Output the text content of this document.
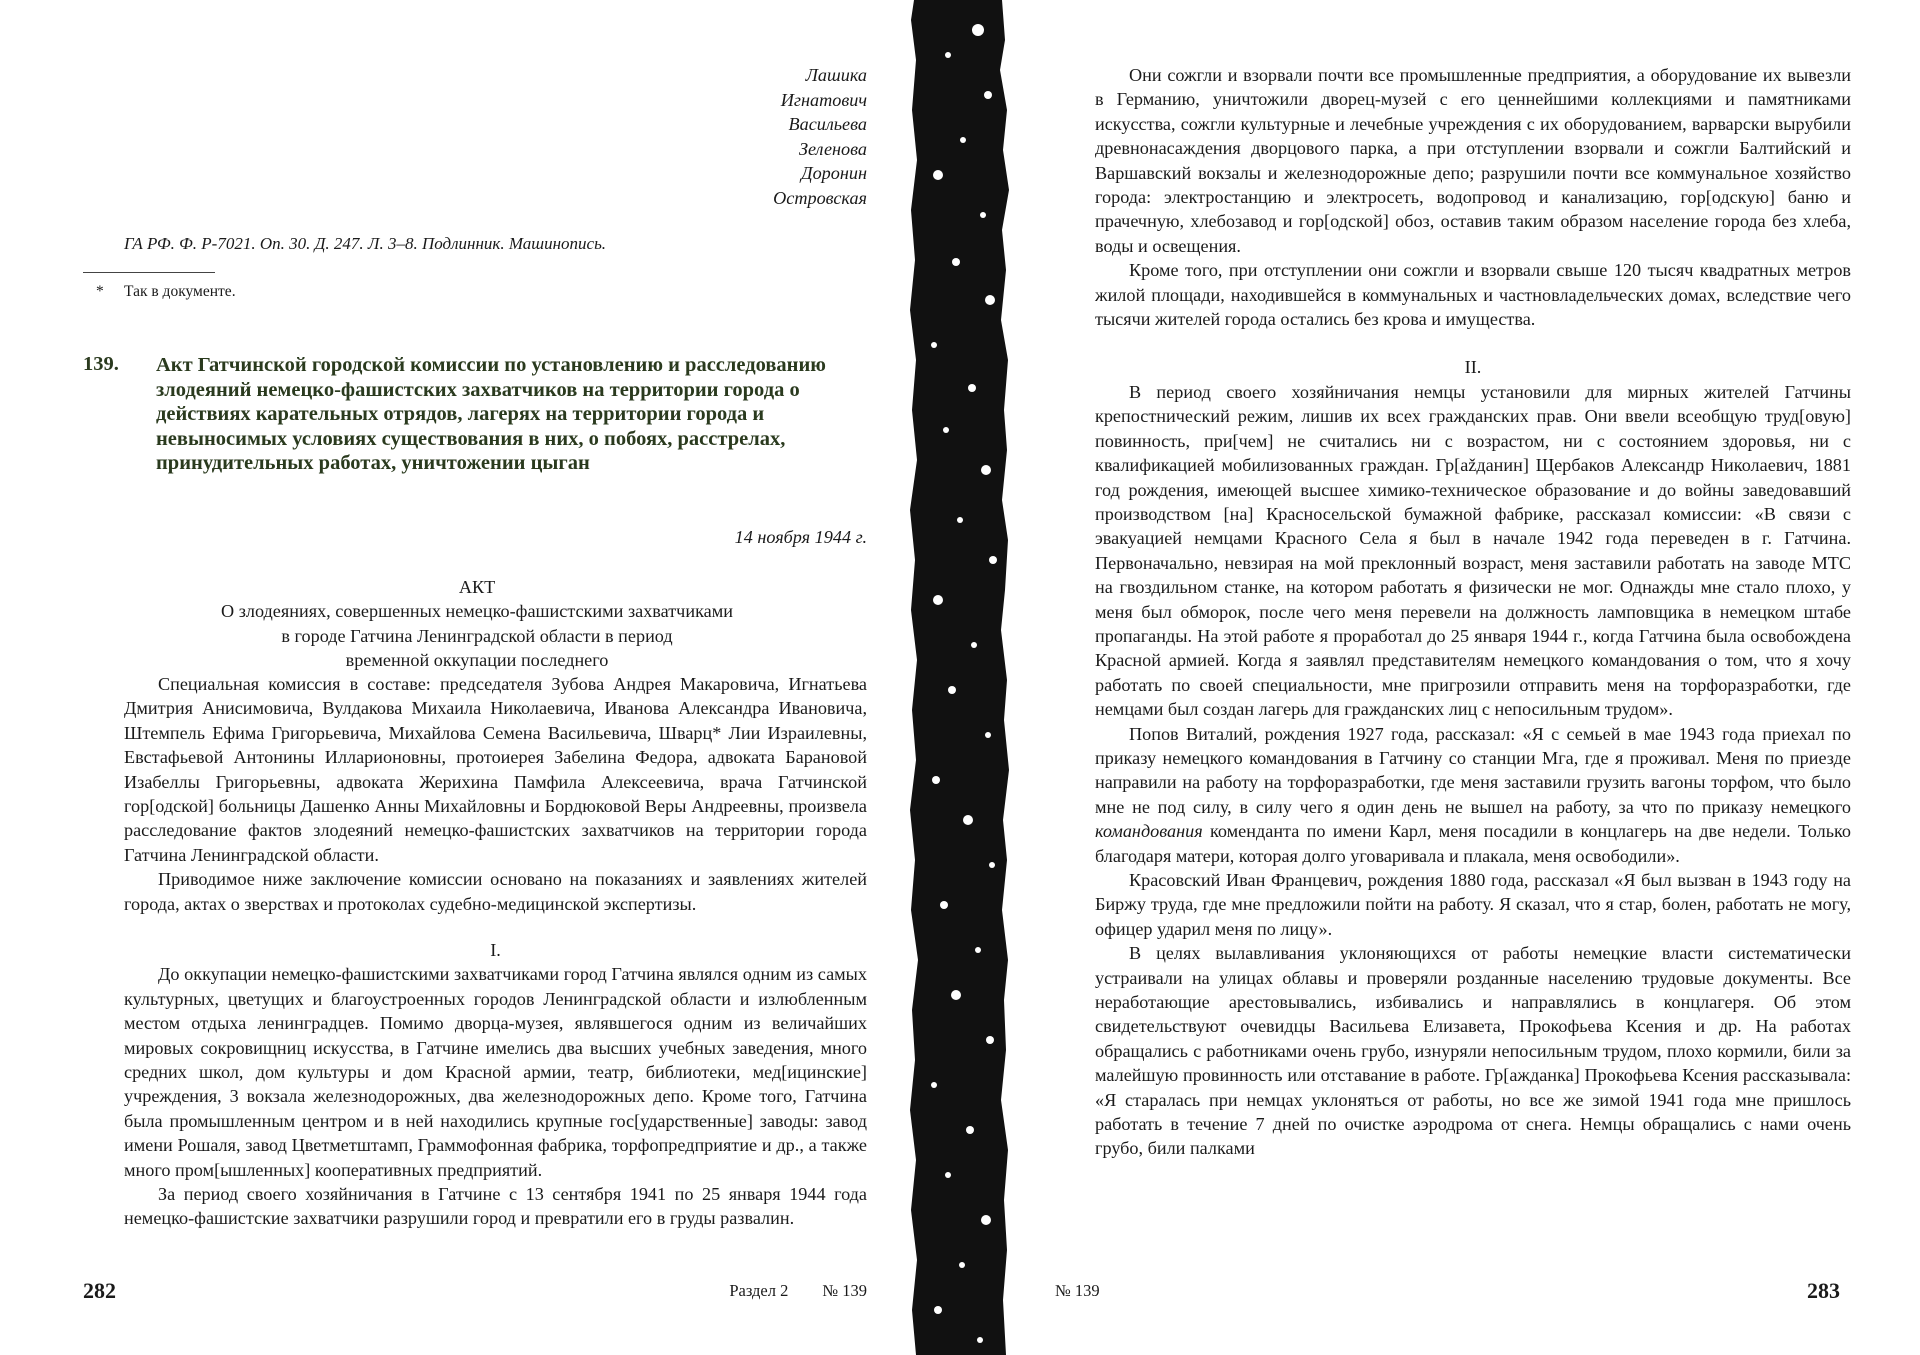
Лашика
Игнатович
Васильева
Зеленова
Доронин
Островская
ГА РФ. Ф. Р-7021. Оп. 30. Д. 247. Л. 3–8. Подлинник. Машинопись.
* Так в документе.
139. Акт Гатчинской городской комиссии по установлению и расследованию злодеяний немецко-фашистских захватчиков на территории города о действиях карательных отрядов, лагерях на территории города и невыносимых условиях существования в них, о побоях, расстрелах, принудительных работах, уничтожении цыган
14 ноября 1944 г.
АКТ
О злодеяниях, совершенных немецко-фашистскими захватчиками
в городе Гатчина Ленинградской области в период
временной оккупации последнего

Специальная комиссия в составе: председателя Зубова Андрея Макаровича, Игнатьева Дмитрия Анисимовича, Вулдакова Михаила Николаевича, Иванова Александра Ивановича, Штемпель Ефима Григорьевича, Михайлова Семена Васильевича, Шварц* Лии Израилевны, Евстафьевой Антонины Илларионовны, протоиерея Забелина Федора, адвоката Барановой Изабеллы Григорьевны, адвоката Жерихина Памфила Алексеевича, врача Гатчинской гор[одской] больницы Дашенко Анны Михайловны и Бордюковой Веры Андреевны, произвела расследование фактов злодеяний немецко-фашистских захватчиков на территории города Гатчина Ленинградской области.

Приводимое ниже заключение комиссии основано на показаниях и заявлениях жителей города, актах о зверствах и протоколах судебно-медицинской экспертизы.

I.

До оккупации немецко-фашистскими захватчиками город Гатчина являлся одним из самых культурных, цветущих и благоустроенных городов Ленинградской области и излюбленным местом отдыха ленинградцев. Помимо дворца-музея, являвшегося одним из величайших мировых сокровищниц искусства, в Гатчине имелись два высших учебных заведения, много средних школ, дом культуры и дом Красной армии, театр, библиотеки, мед[ицинские] учреждения, 3 вокзала железнодорожных, два железнодорожных депо. Кроме того, Гатчина была промышленным центром и в ней находились крупные гос[ударственные] заводы: завод имени Рошаля, завод Цветметштамп, Граммофонная фабрика, торфопредприятие и др., а также много пром[ышленных] кооперативных предприятий.

За период своего хозяйничания в Гатчине с 13 сентября 1941 по 25 января 1944 года немецко-фашистские захватчики разрушили город и превратили его в груды развалин.

282	Раздел 2 № 139

Они сожгли и взорвали почти все промышленные предприятия, а оборудование их вывезли в Германию, уничтожили дворец-музей с его ценнейшими коллекциями и памятниками искусства, сожгли культурные и лечебные учреждения с их оборудованием, варварски вырубили древнонасаждения дворцового парка, а при отступлении взорвали и сожгли Балтийский и Варшавский вокзалы и железнодорожные депо; разрушили почти все коммунальное хозяйство города: электростанцию и электросеть, водопровод и канализацию, гор[одскую] баню и прачечную, хлебозавод и гор[одской] обоз, оставив таким образом население города без хлеба, воды и освещения.

Кроме того, при отступлении они сожгли и взорвали свыше 120 тысяч квадратных метров жилой площади, находившейся в коммунальных и частновладельческих домах, вследствие чего тысячи жителей города остались без крова и имущества.

II.

В период своего хозяйничания немцы установили для мирных жителей Гатчины крепостнический режим, лишив их всех гражданских прав. Они ввели всеобщую труд[овую] повинность, при[чем] не считались ни с возрастом, ни с состоянием здоровья, ни с квалификацией мобилизованных граждан. Гр[ažданин] Щербаков Александр Николаевич, 1881 год рождения, имеющей высшее химико-техническое образование и до войны заведовавший производством [на] Красносельской бумажной фабрике, рассказал комиссии: «В связи с эвакуацией немцами Красного Села я был в начале 1942 года переведен в г. Гатчина. Первоначально, невзирая на мой преклонный возраст, меня заставили работать на заводе МТС на гвоздильном станке, на котором работать я физически не мог. Однажды мне стало плохо, у меня был обморок, после чего меня перевели на должность ламповщика в немецком штабе пропаганды. На этой работе я проработал до 25 января 1944 г., когда Гатчина была освобождена Красной армией. Когда я заявлял представителям немецкого командования о том, что я хочу работать по своей специальности, мне пригрозили отправить меня на торфоразработки, где немцами был создан лагерь для гражданских лиц с непосильным трудом».

Попов Виталий, рождения 1927 года, рассказал: «Я с семьей в мае 1943 года приехал по приказу немецкого командования в Гатчину со станции Мга, где я проживал. Меня по приезде направили на работу на торфоразработки, где меня заставили грузить вагоны торфом, что было мне не под силу, в силу чего я один день не вышел на работу, за что по приказу немецкого командования коменданта по имени Карл, меня посадили в концлагерь на две недели. Только благодаря матери, которая долго уговаривала и плакала, меня освободили».

Красовский Иван Францевич, рождения 1880 года, рассказал «Я был вызван в 1943 году на Биржу труда, где мне предложили пойти на работу. Я сказал, что я стар, болен, работать не могу, офицер ударил меня по лицу».

В целях вылавливания уклоняющихся от работы немецкие власти систематически устраивали на улицах облавы и проверяли розданные населению трудовые документы. Все неработающие арестовывались, избивались и направлялись в концлагеря. Об этом свидетельствуют очевидцы Васильева Елизавета, Прокофьева Ксения и др. На работах обращались с работниками очень грубо, изнуряли непосильным трудом, плохо кормили, били за малейшую провинность или отставание в работе. Гр[ажданка] Прокофьева Ксения рассказывала: «Я старалась при немцах уклоняться от работы, но все же зимой 1941 года мне пришлось работать в течение 7 дней по очистке аэродрома от снега. Немцы обращались с нами очень грубо, били палками

№ 139	283
